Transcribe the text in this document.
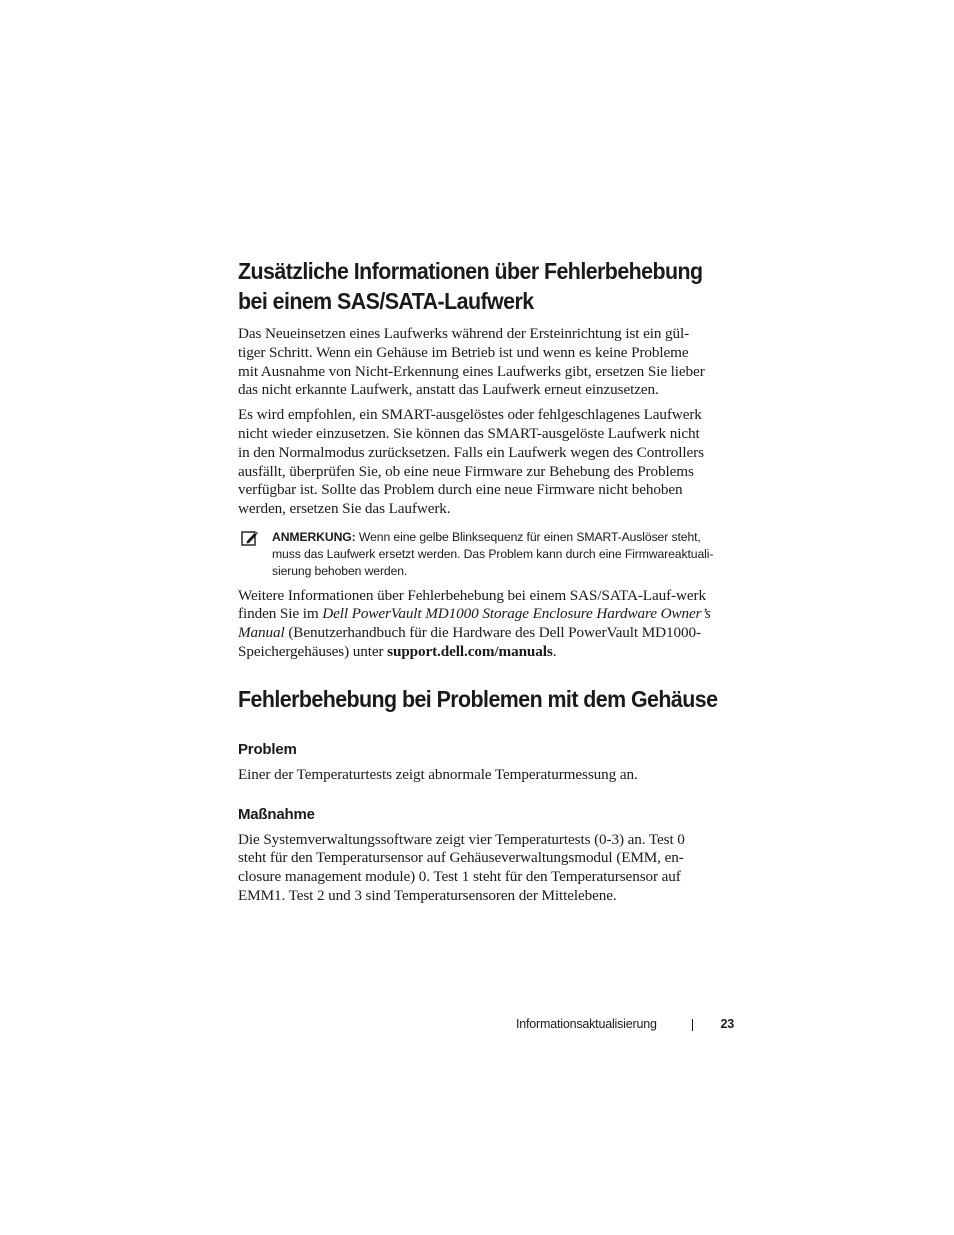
Zusätzliche Informationen über Fehlerbehebung
bei einem SAS/SATA-Laufwerk

Das Neueinsetzen eines Laufwerks während der Ersteinrichtung ist ein gül-
tiger Schritt. Wenn ein Gehäuse im Betrieb ist und wenn es keine Probleme
mit Ausnahme von Nicht-Erkennung eines Laufwerks gibt, ersetzen Sie lieber
das nicht erkannte Laufwerk, anstatt das Laufwerk erneut einzusetzen.

Es wird empfohlen, ein SMART-ausgelöstes oder fehlgeschlagenes Laufwerk
nicht wieder einzusetzen. Sie können das SMART-ausgelöste Laufwerk nicht
in den Normalmodus zurücksetzen. Falls ein Laufwerk wegen des Controllers
ausfällt, überprüfen Sie, ob eine neue Firmware zur Behebung des Problems
verfügbar ist. Sollte das Problem durch eine neue Firmware nicht behoben
werden, ersetzen Sie das Laufwerk.

ANMERKUNG: Wenn eine gelbe Blinksequenz für einen SMART-Auslöser steht,
muss das Laufwerk ersetzt werden. Das Problem kann durch eine Firmwareaktuali-
sierung behoben werden.

Weitere Informationen über Fehlerbehebung bei einem SAS/SATA-Lauf-werk
finden Sie im Dell PowerVault MD1000 Storage Enclosure Hardware Owner’s
Manual (Benutzerhandbuch für die Hardware des Dell PowerVault MD1000-
Speichergehäuses) unter support.dell.com/manuals.

Fehlerbehebung bei Problemen mit dem Gehäuse
Problem

Einer der Temperaturtests zeigt abnormale Temperaturmessung an.

Maßnahme

Die Systemverwaltungssoftware zeigt vier Temperaturtests (0-3) an. Test 0
steht für den Temperatursensor auf Gehäuseverwaltungsmodul (EMM, en-
closure management module) 0. Test 1 steht für den Temperatursensor auf
EMM1. Test 2 und 3 sind Temperatursensoren der Mittelebene.

Informationsaktualisierung	23
